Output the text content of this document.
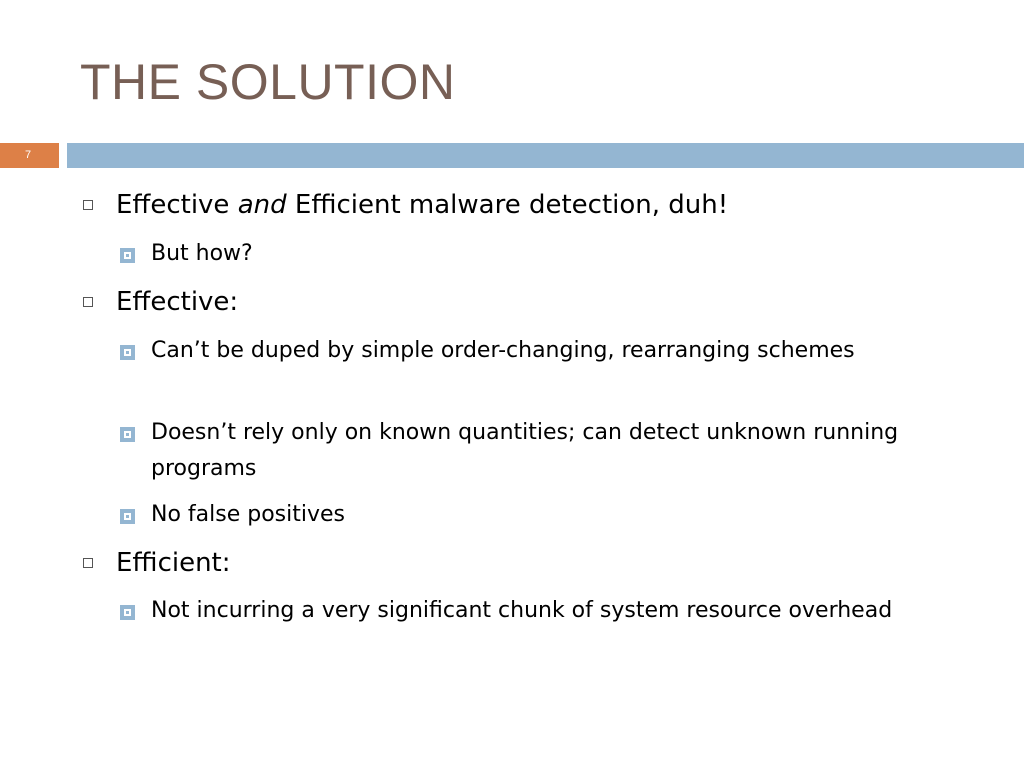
THE SOLUTION
7
Effective and Efficient malware detection, duh!
But how?
Effective:
Can’t be duped by simple order-changing, rearranging schemes
Doesn’t rely only on known quantities; can detect unknown running programs
No false positives
Efficient:
Not incurring a very significant chunk of system resource overhead
